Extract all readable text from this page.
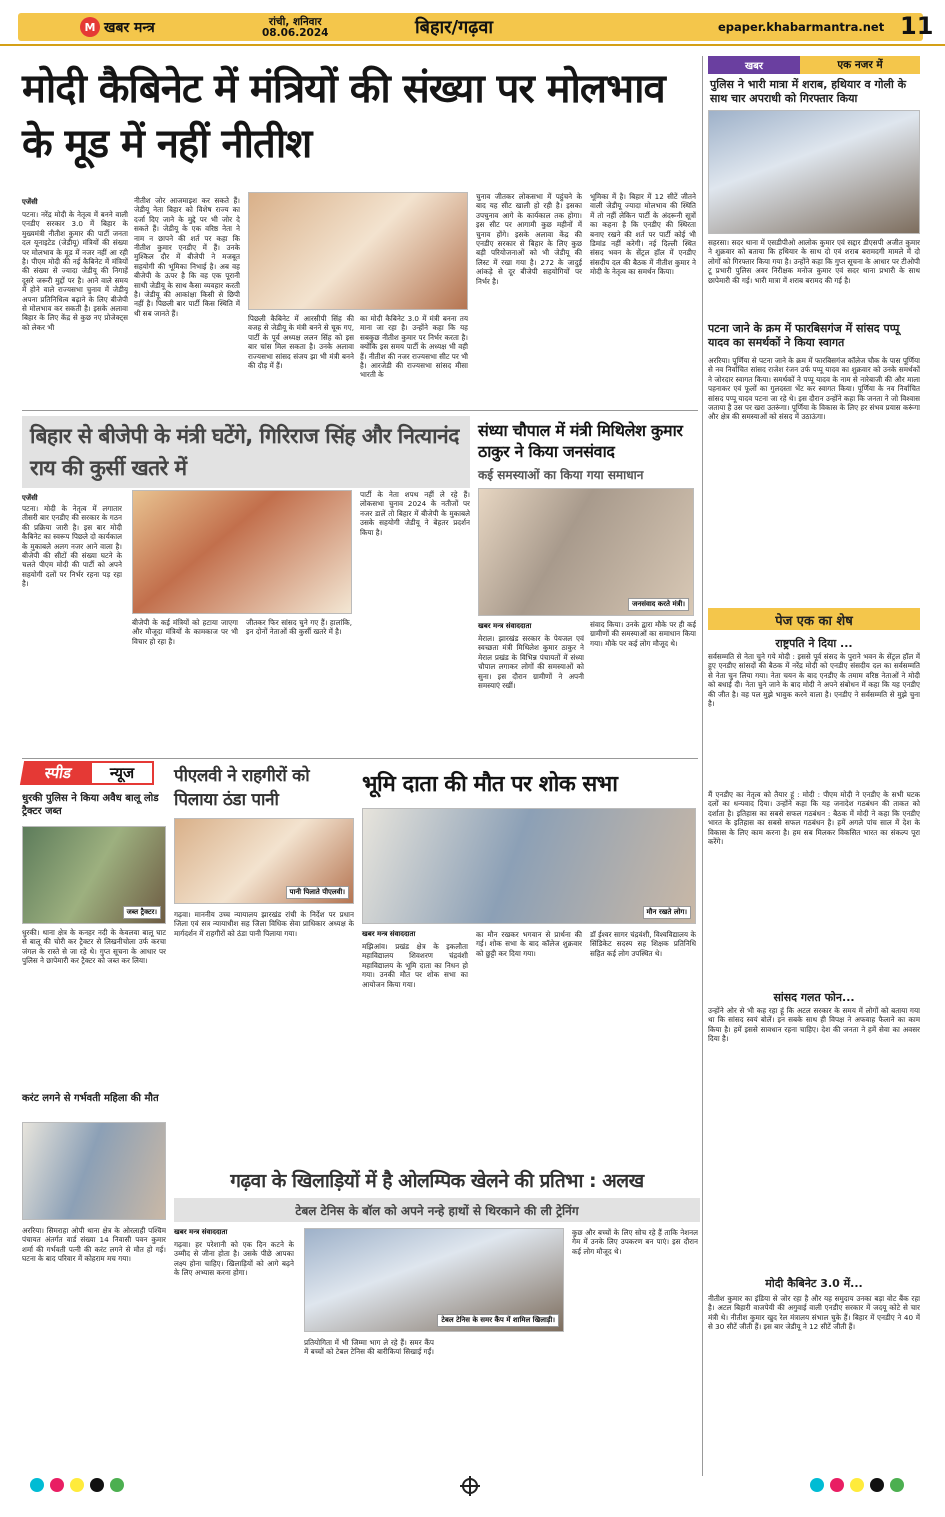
M खबर मन्त्र	रांची, शनिवार
08.06.2024	बिहार/गढ़वा	epaper.khabarmantra.net 11
मोदी कैबिनेट में मंत्रियों की संख्या पर मोलभाव के मूड में नहीं नीतीश
एजेंसी
पटना। नरेंद्र मोदी के नेतृत्व में बनने वाली एनडीए सरकार 3.0 में बिहार के मुख्यमंत्री नीतीश कुमार की पार्टी जनता दल यूनाइटेड (जेडीयू) मंत्रियों की संख्या पर मोलभाव के मूड में नजर नहीं आ रही है। पीएम मोदी की नई कैबिनेट में मंत्रियों की संख्या से ज्यादा जेडीयू की निगाहें दूसरे जरूरी मुद्दों पर है। आने वाले समय में होने वाले राज्यसभा चुनाव में जेडीयू अपना प्रतिनिधित्व बढ़ाने के लिए बीजेपी से मोलभाव कर सकती है। इसके अलावा बिहार के लिए केंद्र से कुछ नए प्रोजेक्ट्स को लेकर भी
नीतीश जोर आजमाइश कर सकते हैं। जेडीयू नेता बिहार को विशेष राज्य का दर्जा दिए जाने के मुद्दे पर भी जोर दे सकते हैं। जेडीयू के एक वरिष्ठ नेता ने नाम न छापने की शर्त पर कहा कि नीतीश कुमार एनडीए में हैं। उनके मुश्किल दौर में बीजेपी ने मजबूत सहयोगी की भूमिका निभाई है। अब वह बीजेपी के ऊपर है कि वह एक पूरानी साथी जेडीयू के साथ कैसा व्यवहार करती है। जेडीयू की आकांक्षा किसी से छिपी नहीं है। पिछली बार पार्टी किस स्थिति में थी सब जानते हैं।
पिछली कैबिनेट में आरसीपी सिंह की वजह से जेडीयू के मंत्री बनने से चूक गए, पार्टी के पूर्व अध्यक्ष ललन सिंह को इस बार चांस मिल सकता है। उनके अलावा राज्यसभा सांसद संजय झा भी मंत्री बनने की दौड़ में हैं।
का मोदी कैबिनेट 3.0 में मंत्री बनना तय माना जा रहा है। उन्होंने कहा कि यह सबकुछ नीतीश कुमार पर निर्भर करता है। क्योंकि इस समय पार्टी के अध्यक्ष भी वही हैं। नीतीश की नजर राज्यसभा सीट पर भी है। आरजेडी की राज्यसभा सांसद मीसा भारती के
चुनाव जीतकर लोकसभा में पहुंचने के बाद यह सीट खाली हो रही है। इसका उपचुनाव आगे के कार्यकाल तक होगा। इस सीट पर आगामी कुछ महीनों में चुनाव होंगे। इसके अलावा केंद्र की एनडीए सरकार से बिहार के लिए कुछ बड़ी परियोजनाओं को भी जेडीयू की लिस्ट में रखा गया है। 272 के जादुई आंकड़े से दूर बीजेपी सहयोगियों पर निर्भर है।
भूमिका में है। बिहार में 12 सीटें जीतने वाली जेडीयू ज्यादा मोलभाव की स्थिति में तो नहीं लेकिन पार्टी के अंदरूनी सूत्रों का कहना है कि एनडीए की स्थिरता बनाए रखने की शर्त पर पार्टी कोई भी डिमांड नहीं करेगी। नई दिल्ली स्थित संसद भवन के सेंट्रल हॉल में एनडीए संसदीय दल की बैठक में नीतीश कुमार ने मोदी के नेतृत्व का समर्थन किया।
खबर	एक नजर में
पुलिस ने भारी मात्रा में शराब, हथियार व गोली के साथ चार अपराधी को गिरफ्तार किया
सहरसा। सदर थाना में एसडीपीओ आलोक कुमार एवं सद्दार डीएसपी अजीत कुमार ने शुक्रवार को बताया कि हथियार के साथ दो एवं शराब बरामदगी मामले में दो लोगों को गिरफ्तार किया गया है। उन्होंने कहा कि गुप्त सूचना के आधार पर टीओपी टू प्रभारी पुलिस अवर निरीक्षक मनोज कुमार एवं सदर थाना प्रभारी के साथ छापेमारी की गई। भारी मात्रा में शराब बरामद की गई है।
पटना जाने के क्रम में फारबिसगंज में सांसद पप्पू यादव का समर्थकों ने किया स्वागत
अररिया। पूर्णिया से पटना जाने के क्रम में फारबिसगंज कॉलेज चौक के पास पूर्णिया से नव निर्वाचित सांसद राजेश रंजन उर्फ पप्पू यादव का शुक्रवार को उनके समर्थकों ने जोरदार स्वागत किया। समर्थकों ने पप्पू यादव के नाम से नारेबाजी की और माला पहनाकर एवं फूलों का गुलदस्ता भेंट कर स्वागत किया। पूर्णिया के नव निर्वाचित सांसद पप्पू यादव पटना जा रहे थे। इस दौरान उन्होंने कहा कि जनता ने जो विश्वास जताया है उस पर खरा उतरूंगा। पूर्णिया के विकास के लिए हर संभव प्रयास करूंगा और क्षेत्र की समस्याओं को संसद में उठाऊंगा।
पेज एक का शेष
राष्ट्रपति ने दिया ...
सर्वसम्मति से नेता चुने गये मोदी : इससे पूर्व संसद के पुराने भवन के सेंट्रल हॉल में हुए एनडीए सांसदों की बैठक में नरेंद्र मोदी को एनडीए संसदीय दल का सर्वसम्मति से नेता चुन लिया गया। नेता चयन के बाद एनडीए के तमाम वरिष्ठ नेताओं ने मोदी को बधाई दी। नेता चुने जाने के बाद मोदी ने अपने संबोधन में कहा कि यह एनडीए की जीत है। वह पल मुझे भावुक करने वाला है। एनडीए ने सर्वसम्मति से मुझे चुना है।
मैं एनडीए का नेतृत्व को तैयार हूं : मोदी : पीएम मोदी ने एनडीए के सभी घटक दलों का धन्यवाद दिया। उन्होंने कहा कि यह जनादेश गठबंधन की ताकत को दर्शाता है। इतिहास का सबसे सफल गठबंधन : बैठक में मोदी ने कहा कि एनडीए भारत के इतिहास का सबसे सफल गठबंधन है। हमें अगले पांच साल में देश के विकास के लिए काम करना है। हम सब मिलकर विकसित भारत का संकल्प पूरा करेंगे।
सांसद गलत फोन...
उन्होंने ओर से भी कह रहा हूं कि अटल सरकार के समय में लोगों को बताया गया था कि सांसद स्वयं बोलें। इन सबके साथ ही विपक्ष ने अफवाह फैलाने का काम किया है। हमें इससे सावधान रहना चाहिए। देश की जनता ने हमें सेवा का अवसर दिया है।
मोदी कैबिनेट 3.0 में...
नीतीश कुमार का इंडिया से जोर रहा है और यह समुदाय उनका बड़ा वोट बैंक रहा है। अटल बिहारी वाजपेयी की अगुवाई वाली एनडीए सरकार में जदयू कोटे से चार मंत्री थे। नीतीश कुमार खुद रेल मंत्रालय संभाल चुके हैं। बिहार में एनडीए ने 40 में से 30 सीटें जीती हैं। इस बार जेडीयू ने 12 सीटें जीती हैं।
बिहार से बीजेपी के मंत्री घटेंगे, गिरिराज सिंह और नित्यानंद राय की कुर्सी खतरे में
एजेंसी
पटना। मोदी के नेतृत्व में लगातार तीसरी बार एनडीए की सरकार के गठन की प्रक्रिया जारी है। इस बार मोदी कैबिनेट का स्वरूप पिछले दो कार्यकाल के मुकाबले अलग नजर आने वाला है। बीजेपी की सीटों की संख्या घटने के चलते पीएम मोदी की पार्टी को अपने सहयोगी दलों पर निर्भर रहना पड़ रहा है।
बीजेपी के कई मंत्रियों को हटाया जाएगा और मौजूदा मंत्रियों के कामकाज पर भी विचार हो रहा है।
जीतकर फिर सांसद चुने गए हैं। हालांकि, इन दोनों नेताओं की कुर्सी खतरे में है।
पार्टी के नेता शपथ नहीं ले रहे हैं। लोकसभा चुनाव 2024 के नतीजों पर नजर डालें तो बिहार में बीजेपी के मुकाबले उसके सहयोगी जेडीयू ने बेहतर प्रदर्शन किया है।
संध्या चौपाल में मंत्री मिथिलेश कुमार ठाकुर ने किया जनसंवाद
कई समस्याओं का किया गया समाधान
जनसंवाद करते मंत्री।
खबर मन्त्र संवाददाता
मेराल। झारखंड सरकार के पेयजल एवं स्वच्छता मंत्री मिथिलेश कुमार ठाकुर ने मेराल प्रखंड के विभिन्न पंचायतों में संध्या चौपाल लगाकर लोगों की समस्याओं को सुना। इस दौरान ग्रामीणों ने अपनी समस्याएं रखीं।
संवाद किया। उनके द्वारा मौके पर ही कई ग्रामीणों की समस्याओं का समाधान किया गया। मौके पर कई लोग मौजूद थे।
स्पीड	न्यूज
धुरकी पुलिस ने किया अवैध बालू लोड ट्रैक्टर जब्त
जब्त ट्रैक्टर।
धुरकी। थाना क्षेत्र के कनहर नदी के केवलवा बालू घाट से बालू की चोरी कर ट्रैक्टर से लिखनीचोला उर्फ करचा जंगल के रास्ते से जा रहे थे। गुप्त सूचना के आधार पर पुलिस ने छापेमारी कर ट्रैक्टर को जब्त कर लिया।
करंट लगने से गर्भवती महिला की मौत
अररिया। सिमराहा ओपी थाना क्षेत्र के ओरलाही पश्चिम पंचायत अंतर्गत वार्ड संख्या 14 निवासी पवन कुमार शर्मा की गर्भवती पत्नी की करंट लगने से मौत हो गई। घटना के बाद परिवार में कोहराम मच गया।
पीएलवी ने राहगीरों को पिलाया ठंडा पानी
पानी पिलाते पीएलवी।
गढ़वा। माननीय उच्च न्यायालय झारखंड रांची के निर्देश पर प्रधान जिला एवं सत्र न्यायाधीश सह जिला विधिक सेवा प्राधिकार अध्यक्ष के मार्गदर्शन में राहगीरों को ठंडा पानी पिलाया गया।
भूमि दाता की मौत पर शोक सभा
मौन रखते लोग।
खबर मन्त्र संवाददाता
मझिआंव। प्रखंड क्षेत्र के इकलौता महाविद्यालय शिवशरण चंद्रवंशी महाविद्यालय के भूमि दाता का निधन हो गया। उनकी मौत पर शोक सभा का आयोजन किया गया।
का मौन रखकर भगवान से प्रार्थना की गई। शोक सभा के बाद कॉलेज शुक्रवार को छुट्टी कर दिया गया।
डॉ ईश्वर सागर चंद्रवंशी, विश्वविद्यालय के सिंडिकेट सदस्य सह शिक्षक प्रतिनिधि सहित कई लोग उपस्थित थे।
गढ़वा के खिलाड़ियों में है ओलम्पिक खेलने की प्रतिभा : अलख
टेबल टेनिस के बॉल को अपने नन्हे हाथों से थिरकाने की ली ट्रेनिंग
खबर मन्त्र संवाददाता
गढ़वा। हर परेशानी को एक दिन कटने के उम्मीद से जीना होता है। उसके पीछे आपका लक्ष्य होना चाहिए। खिलाड़ियों को आगे बढ़ने के लिए अभ्यास करना होगा।
टेबल टेनिस के समर कैंप में शामिल खिलाड़ी।
प्रतियोगिता में भी जिम्मा भाग ले रहे हैं। समर कैंप में बच्चों को टेबल टेनिस की बारीकियां सिखाई गईं।
कुछ और बच्चों के लिए सोच रहे हैं ताकि नेशनल गेम में उनके लिए उपकरण बन पाएं। इस दौरान कई लोग मौजूद थे।
